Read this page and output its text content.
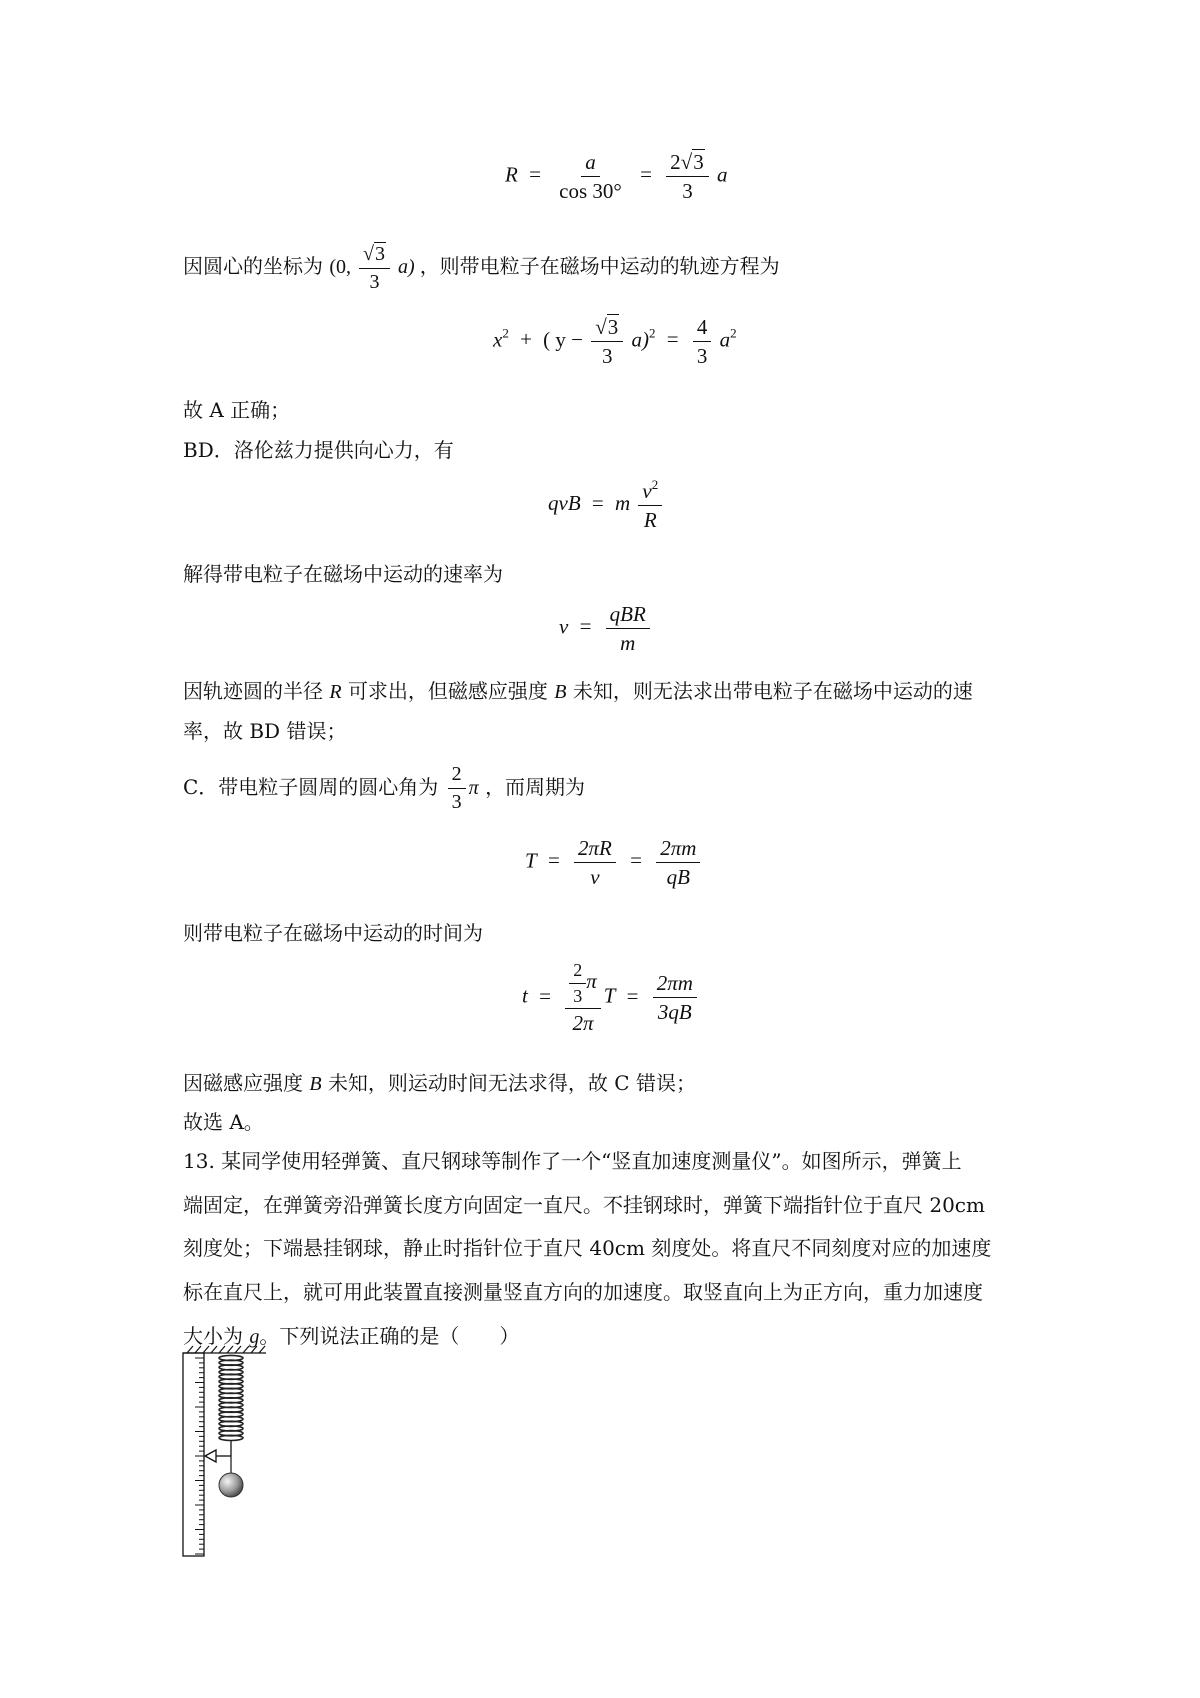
$R = \frac{a}{\cos 30^\circ} = \frac{2√3}{3}$ a
因圆心的坐标为 (0, $\frac{√3}{3} a$) ，则带电粒子在磁场中运动的轨迹方程为
$x^2$ + ( $y - \frac{√3}{3} a)^2 = \frac{4}{3} a^2$
故 A 正确；
BD．洛伦兹力提供向心力，有
qvB = m $\frac{v^2}{R}$
解得带电粒子在磁场中运动的速率为
$v = \frac{\text{qBR}}{m}$
因轨迹圆的半径 R 可求出，但磁感应强度 B 未知，则无法求出带电粒子在磁场中运动的速
率，故 BD 错误；
C．带电粒子圆周的圆心角为 $\frac{2}{3}$ π ，而周期为
$T = \frac{2\pi R}{v} = \frac{2\pi m}{qB}$
则带电粒子在磁场中运动的时间为
$t = \frac{\frac{2}{3} \pi}{2\pi}$ $T = \frac{2\pi m}{3qB}$
因磁感应强度 B 未知，则运动时间无法求得，故 C 错误；
故选 A。
13. 某同学使用轻弹簧、直尺钢球等制作了一个“竖直加速度测量仪”。如图所示，弹簧上
端固定，在弹簧旁沿弹簧长度方向固定一直尺。不挂钢球时，弹簧下端指针位于直尺 20cm
刻度处；下端悬挂钢球，静止时指针位于直尺 40cm 刻度处。将直尺不同刻度对应的加速度
标在直尺上，就可用此装置直接测量竖直方向的加速度。取竖直向上为正方向，重力加速度
大小为 g。下列说法正确的是（　　）
